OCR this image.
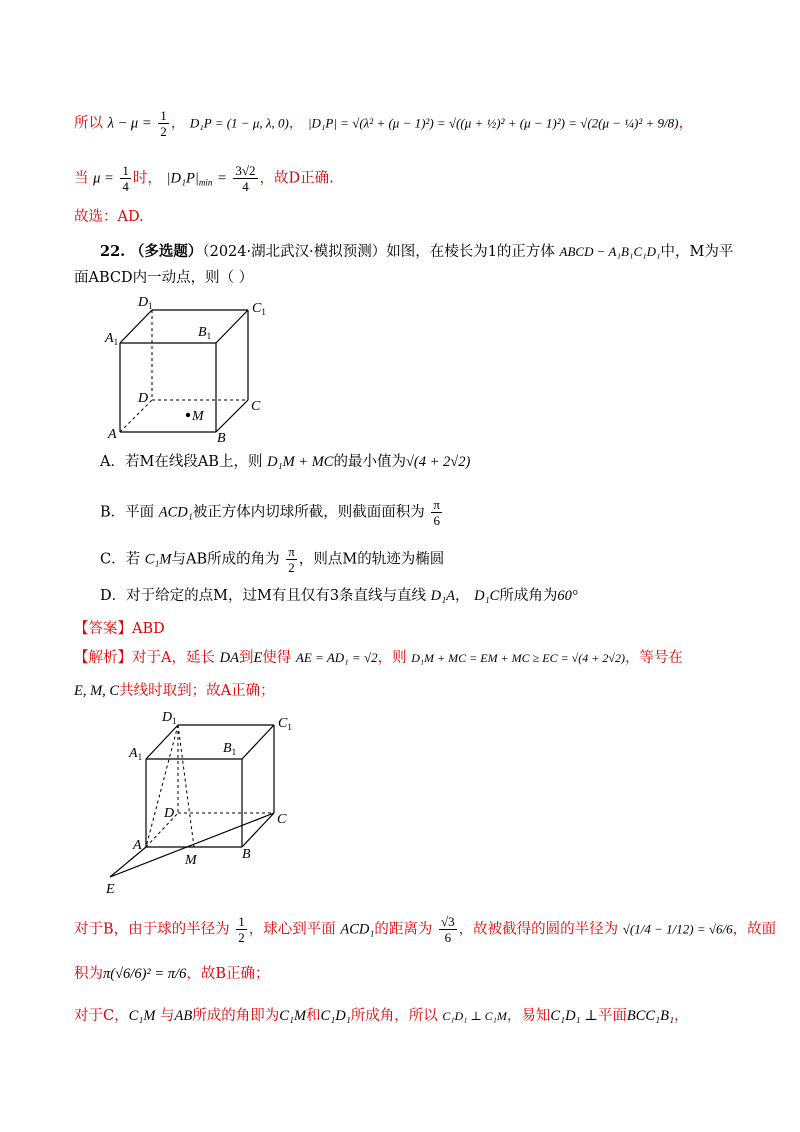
所以 $\lambda - \mu = \frac{1}{2}$ ， D₁P = (1 − μ, λ, 0)， |D₁P| = √(λ² + (μ − 1)²) = √((μ + ½)² + (μ − 1)²) = √(2(μ − ¼)² + 9/8)，
当 $\mu = \frac{1}{4}$ 时， $|D_1P|_{min} = \frac{3√2}{4}$ ，故D正确.
故选：AD.
22. （多选题）（2024·湖北武汉·模拟预测）如图，在棱长为1的正方体 ABCD − A₁B₁C₁D₁中，M为平
面ABCD内一动点，则（ ）
$D_1$	$C_1$
$A_1$
$B_1$
D
C
A	B
M
A．若M在线段AB上，则 D₁M + MC的最小值为√(4 + 2√2)
B．平面 ACD₁被正方体内切球所截，则截面面积为 $\frac{\pi}{6}$
C．若 C₁M与AB所成的角为 $\frac{\pi}{2}$ ，则点M的轨迹为椭圆
D．对于给定的点M，过M有且仅有3条直线与直线 D₁A， D₁C所成角为60°
【答案】ABD
【解析】对于A，延长 DA到E使得 AE = AD₁ = √2，则 D₁M + MC = EM + MC ≥ EC = √(4 + 2√2)，等号在
E, M, C共线时取到；故A正确；
$D_1$	$C_1$
$A_1$
$B_1$
D	C
A
B
M
E
对于B，由于球的半径为 $\frac{1}{2}$ ，球心到平面 ACD₁的距离为 $\frac{√3}{6}$ ，故被截得的圆的半径为 √(1/4 − 1/12) = √6/6，故面
积为π(√6/6)² = π/6，故B正确；
对于C，C₁M 与AB所成的角即为C₁M和C₁D₁所成角，所以 C₁D₁ ⊥ C₁M，易知C₁D₁ ⊥平面BCC₁B₁，
